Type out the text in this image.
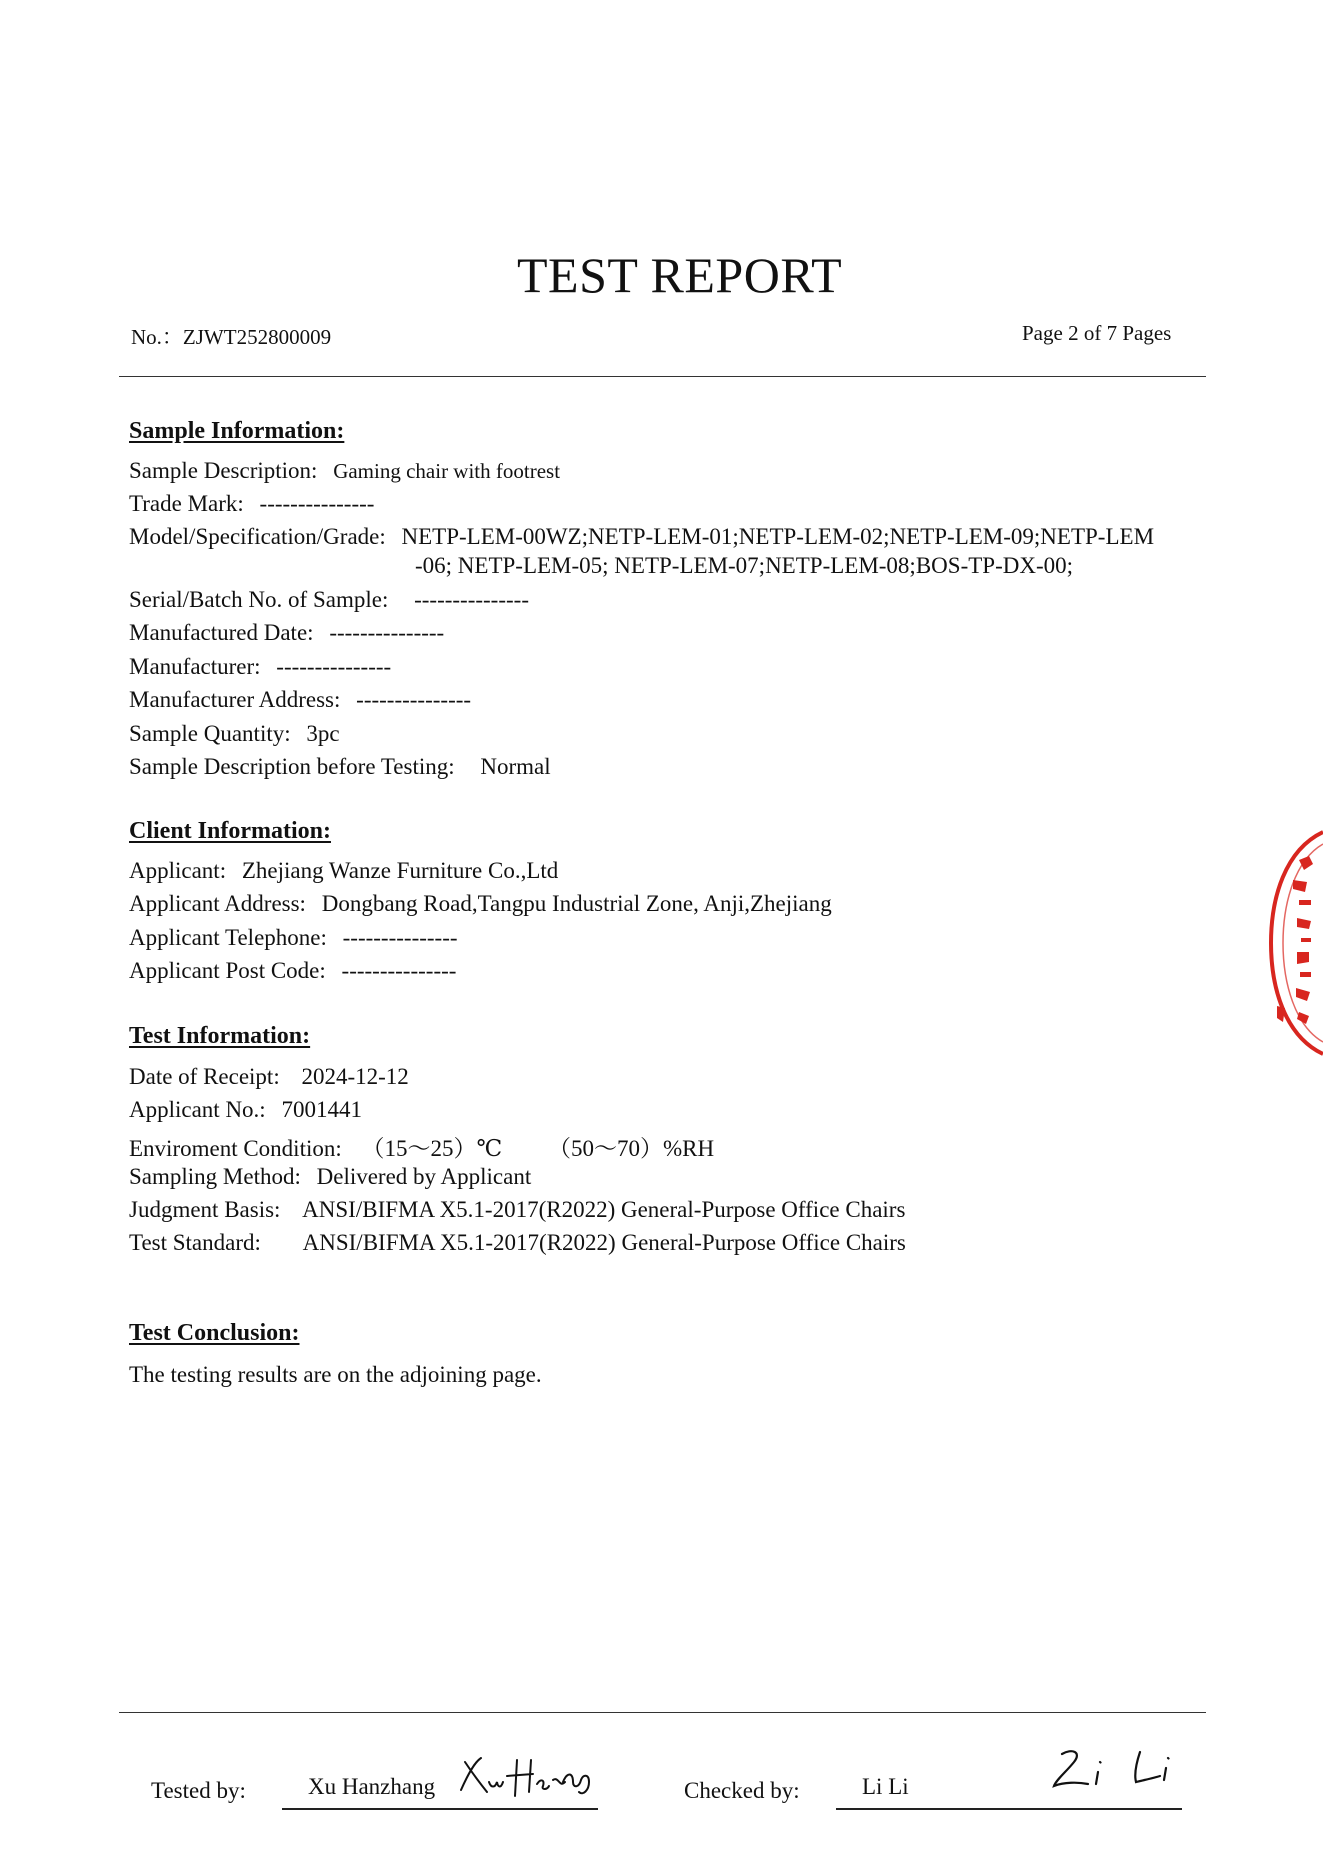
TEST REPORT
No.：ZJWT252800009	Page 2 of 7 Pages
Sample Information:
Sample Description: Gaming chair with footrest
Trade Mark: ---------------
Model/Specification/Grade: NETP-LEM-00WZ;NETP-LEM-01;NETP-LEM-02;NETP-LEM-09;NETP-LEM
-06; NETP-LEM-05; NETP-LEM-07;NETP-LEM-08;BOS-TP-DX-00;
Serial/Batch No. of Sample: ---------------
Manufactured Date: ---------------
Manufacturer: ---------------
Manufacturer Address: ---------------
Sample Quantity: 3pc
Sample Description before Testing: Normal
Client Information:
Applicant: Zhejiang Wanze Furniture Co.,Ltd
Applicant Address: Dongbang Road,Tangpu Industrial Zone, Anji,Zhejiang
Applicant Telephone: ---------------
Applicant Post Code: ---------------
Test Information:
Date of Receipt: 2024-12-12
Applicant No.: 7001441
Enviroment Condition: （15～25）℃ （50～70）%RH
Sampling Method: Delivered by Applicant
Judgment Basis: ANSI/BIFMA X5.1-2017(R2022) General-Purpose Office Chairs
Test Standard: ANSI/BIFMA X5.1-2017(R2022) General-Purpose Office Chairs
Test Conclusion:
The testing results are on the adjoining page.
Tested by:	Xu Hanzhang	Checked by:	Li Li
